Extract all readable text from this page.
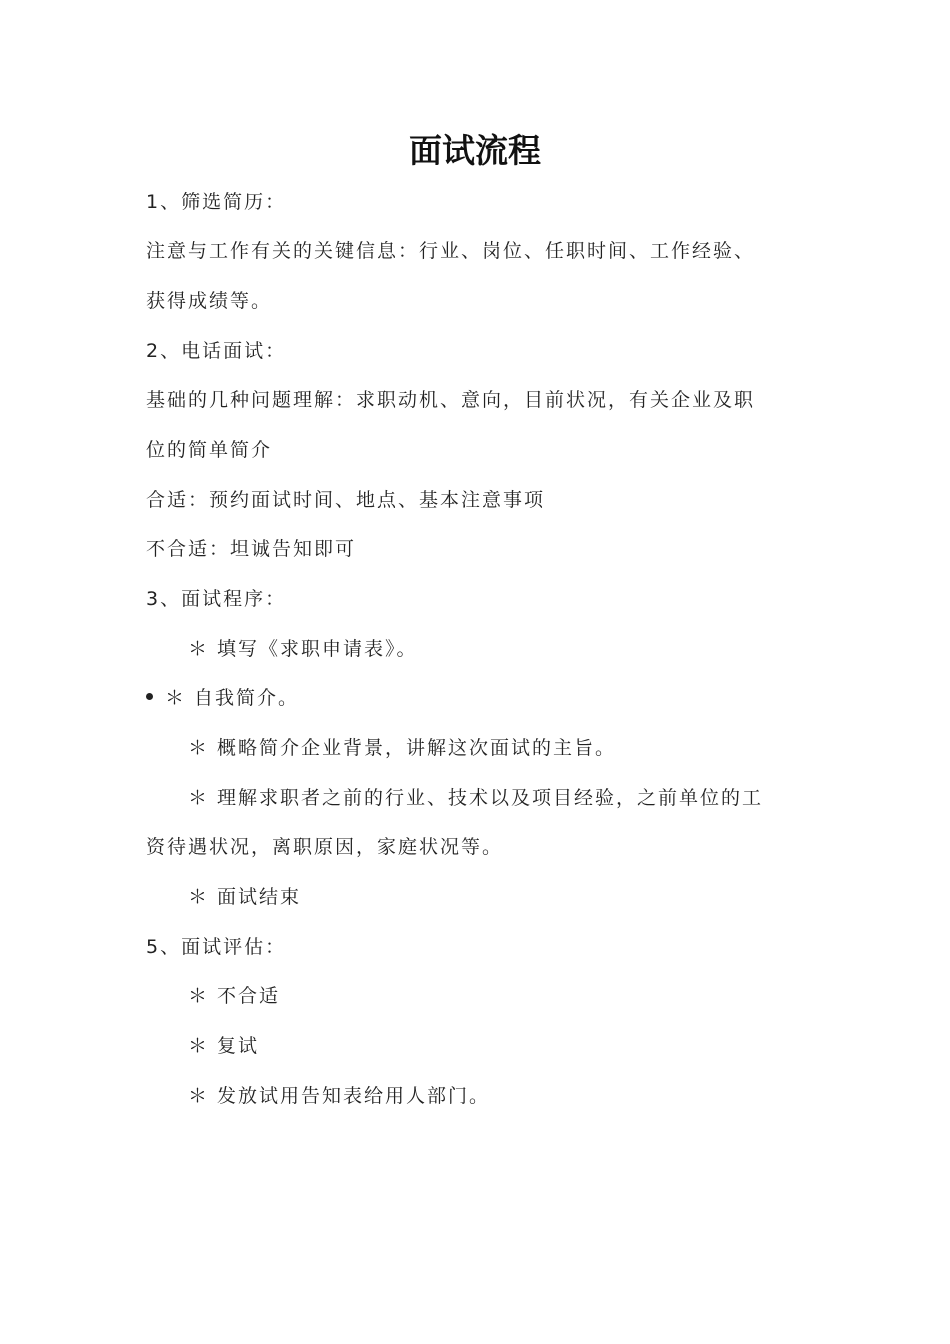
面试流程

1、筛选简历：

注意与工作有关的关键信息：行业、岗位、任职时间、工作经验、

获得成绩等。

2、电话面试：

基础的几种问题理解：求职动机、意向，目前状况，有关企业及职

位的简单简介

合适：预约面试时间、地点、基本注意事项

不合适：坦诚告知即可

3、面试程序：

＊ 填写《求职申请表》。

＊ 自我简介。

＊ 概略简介企业背景，讲解这次面试的主旨。

＊ 理解求职者之前的行业、技术以及项目经验，之前单位的工

资待遇状况，离职原因，家庭状况等。

＊ 面试结束

5、面试评估：

＊ 不合适

＊ 复试

＊ 发放试用告知表给用人部门。
